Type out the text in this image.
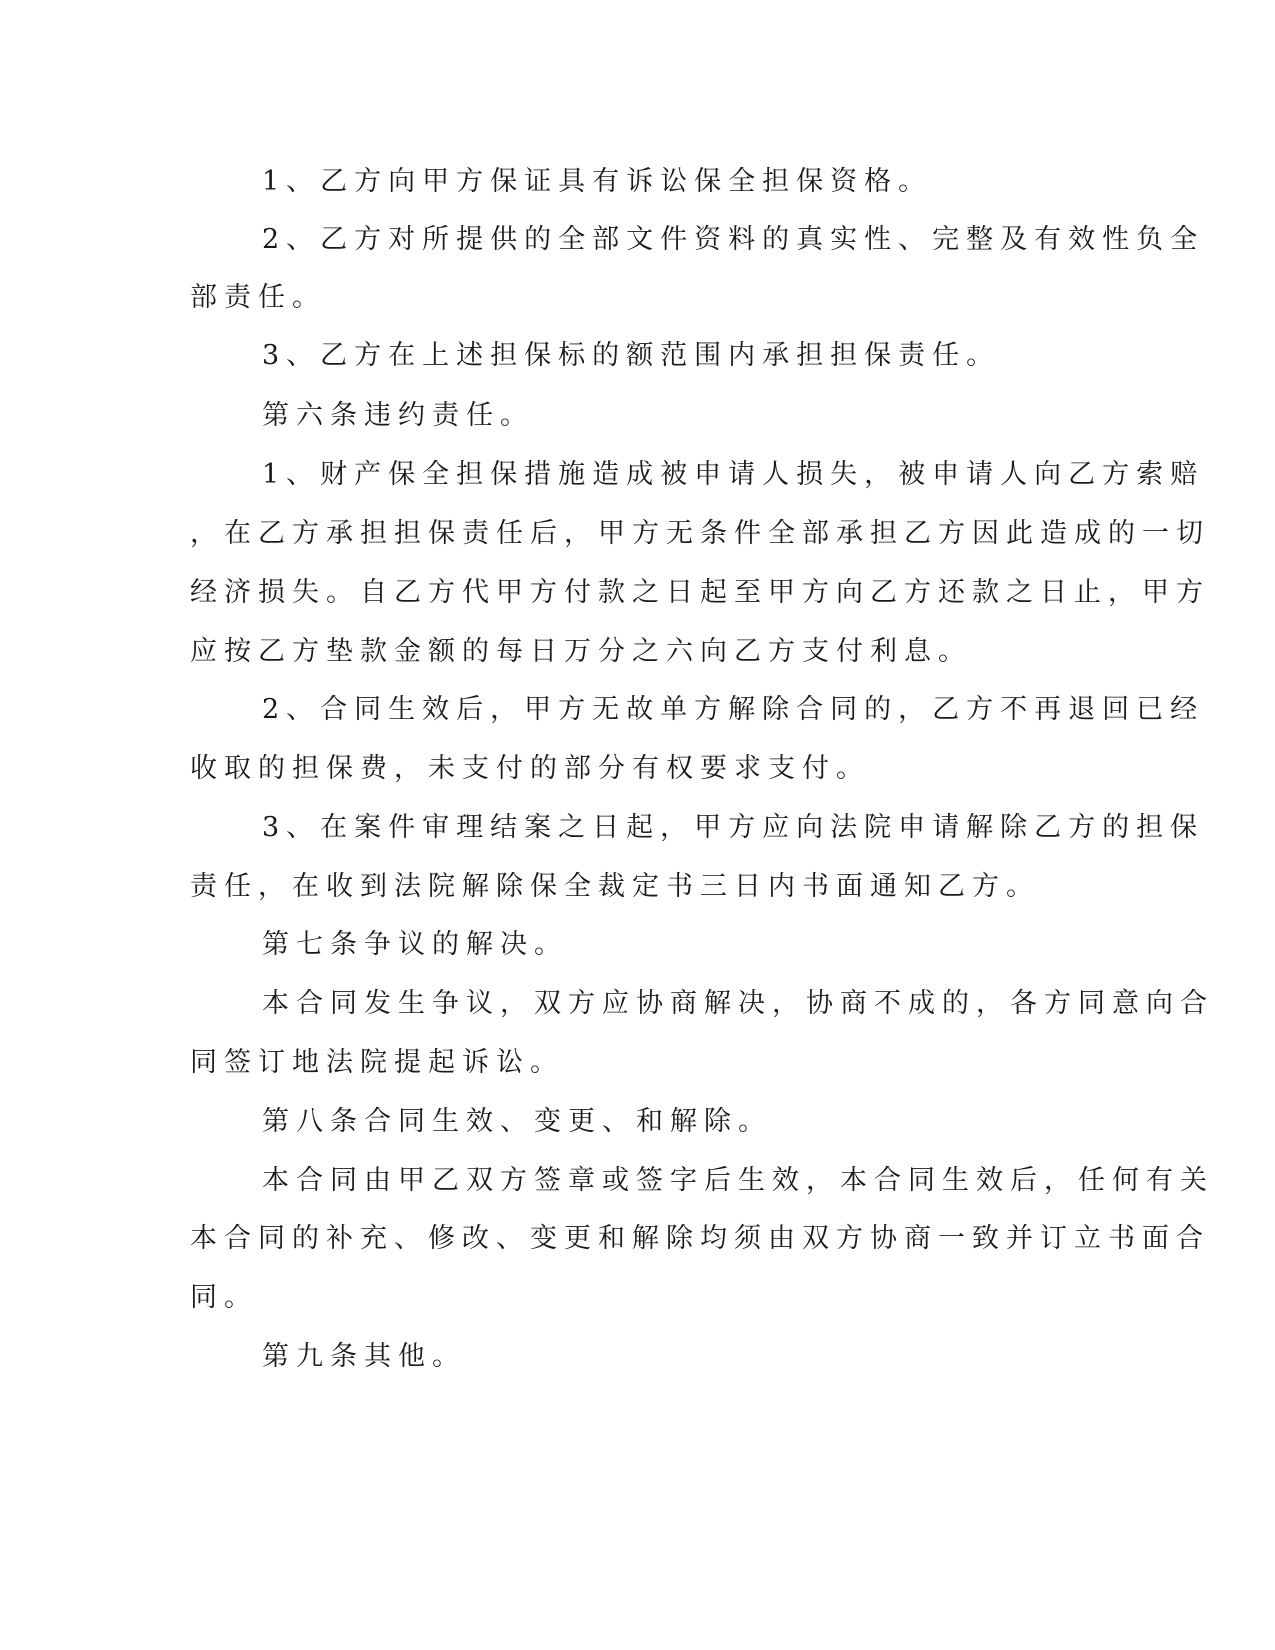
1、乙方向甲方保证具有诉讼保全担保资格。
2、乙方对所提供的全部文件资料的真实性、完整及有效性负全
部责任。
3、乙方在上述担保标的额范围内承担担保责任。
第六条违约责任。
1、财产保全担保措施造成被申请人损失，被申请人向乙方索赔
，在乙方承担担保责任后，甲方无条件全部承担乙方因此造成的一切
经济损失。自乙方代甲方付款之日起至甲方向乙方还款之日止，甲方
应按乙方垫款金额的每日万分之六向乙方支付利息。
2、合同生效后，甲方无故单方解除合同的，乙方不再退回已经
收取的担保费，未支付的部分有权要求支付。
3、在案件审理结案之日起，甲方应向法院申请解除乙方的担保
责任，在收到法院解除保全裁定书三日内书面通知乙方。
第七条争议的解决。
本合同发生争议，双方应协商解决，协商不成的，各方同意向合
同签订地法院提起诉讼。
第八条合同生效、变更、和解除。
本合同由甲乙双方签章或签字后生效，本合同生效后，任何有关
本合同的补充、修改、变更和解除均须由双方协商一致并订立书面合
同。
第九条其他。
